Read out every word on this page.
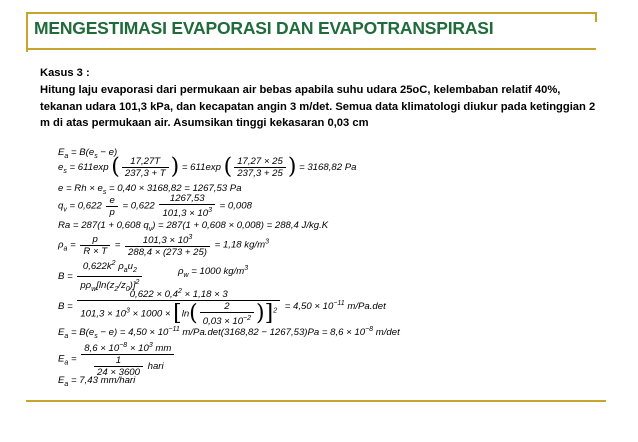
MENGESTIMASI EVAPORASI DAN EVAPOTRANSPIRASI
Kasus 3 :
Hitung laju evaporasi dari permukaan air bebas apabila suhu udara 25oC, kelembaban relatif 40%, tekanan udara 101,3 kPa, dan kecapatan angin 3 m/det. Semua data klimatologi diukur pada ketinggian 2 m di atas permukaan air. Asumsikan tinggi kekasaran 0,03 cm
$E_a = B(e_s - e)$
$e_s = 611\exp$ ( $\frac{17,27T}{237,3 + T}$ ) = 611exp ( $\frac{17,27 \times 25}{237,3 + 25}$ ) = 3168,82 Pa
$e = Rh \times e_s = 0,40 \times 3168,82 = 1267,53$ Pa
$q_v = 0,622 \frac{e}{p} = 0,622 \frac{1267,53}{101,3 \times 10^3} = 0,008$
Ra = 287(1 + 0,608 $q_v) = 287(1 + 0,608 \times 0,008) = 288,4$ J/kg.K
$\rho_a = \frac{p}{R \times T} = \frac{101,3 \times 10^3}{288,4 \times (273 + 25)} = 1,18$ $kg/m^3$
$B = \frac{0,622k^2 \rho_au_2}{p\rho_w[\ln(z_2/z_0)]^2}$	$\rho_w = 1000$ $kg/m^3$
$B = \frac{0,622 \times 0,4^2 \times 1,18 \times 3}{101,3 \times 10^3 \times 1000 \times [\ln( \frac{2}{0,03 \times 10^{-2}} )]^2} = 4,50 \times 10^{-11}$ m/Pa.det
$E_a = B(e_s - e) = 4,50 \times 10^{-11}$ $m/Pa.\det(3168,82 - 1267,53)Pa = 8,6 \times 10^{-8}$ m/det
$E_a = \frac{8,6 \times 10^{-8} \times 10^3 mm}{\frac{1}{24 \times 3600} hari}$
$E_a = 7,43$ mm/hari
